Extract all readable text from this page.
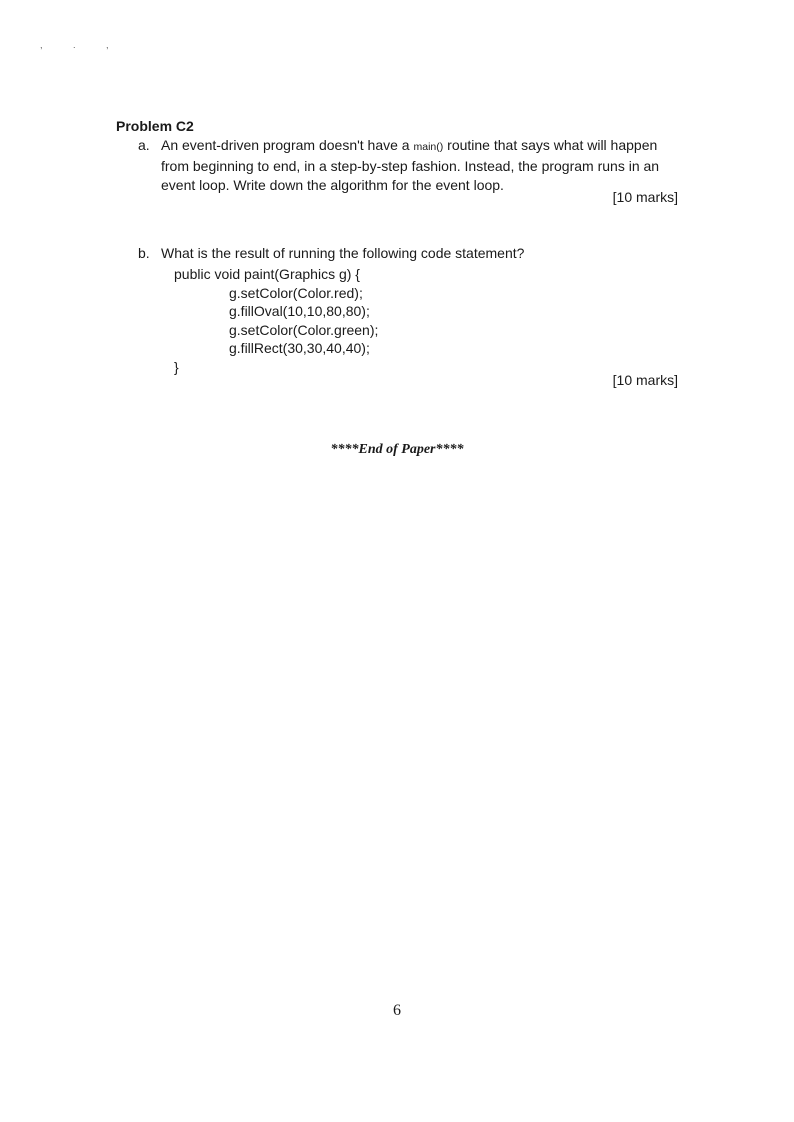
, . ,
Problem C2
a. An event-driven program doesn't have a main() routine that says what will happen from beginning to end, in a step-by-step fashion. Instead, the program runs in an event loop. Write down the algorithm for the event loop.
[10 marks]
b. What is the result of running the following code statement?
public void paint(Graphics g) {
g.setColor(Color.red);
g.fillOval(10,10,80,80);
g.setColor(Color.green);
g.fillRect(30,30,40,40);
}
[10 marks]
****End of Paper****
6
